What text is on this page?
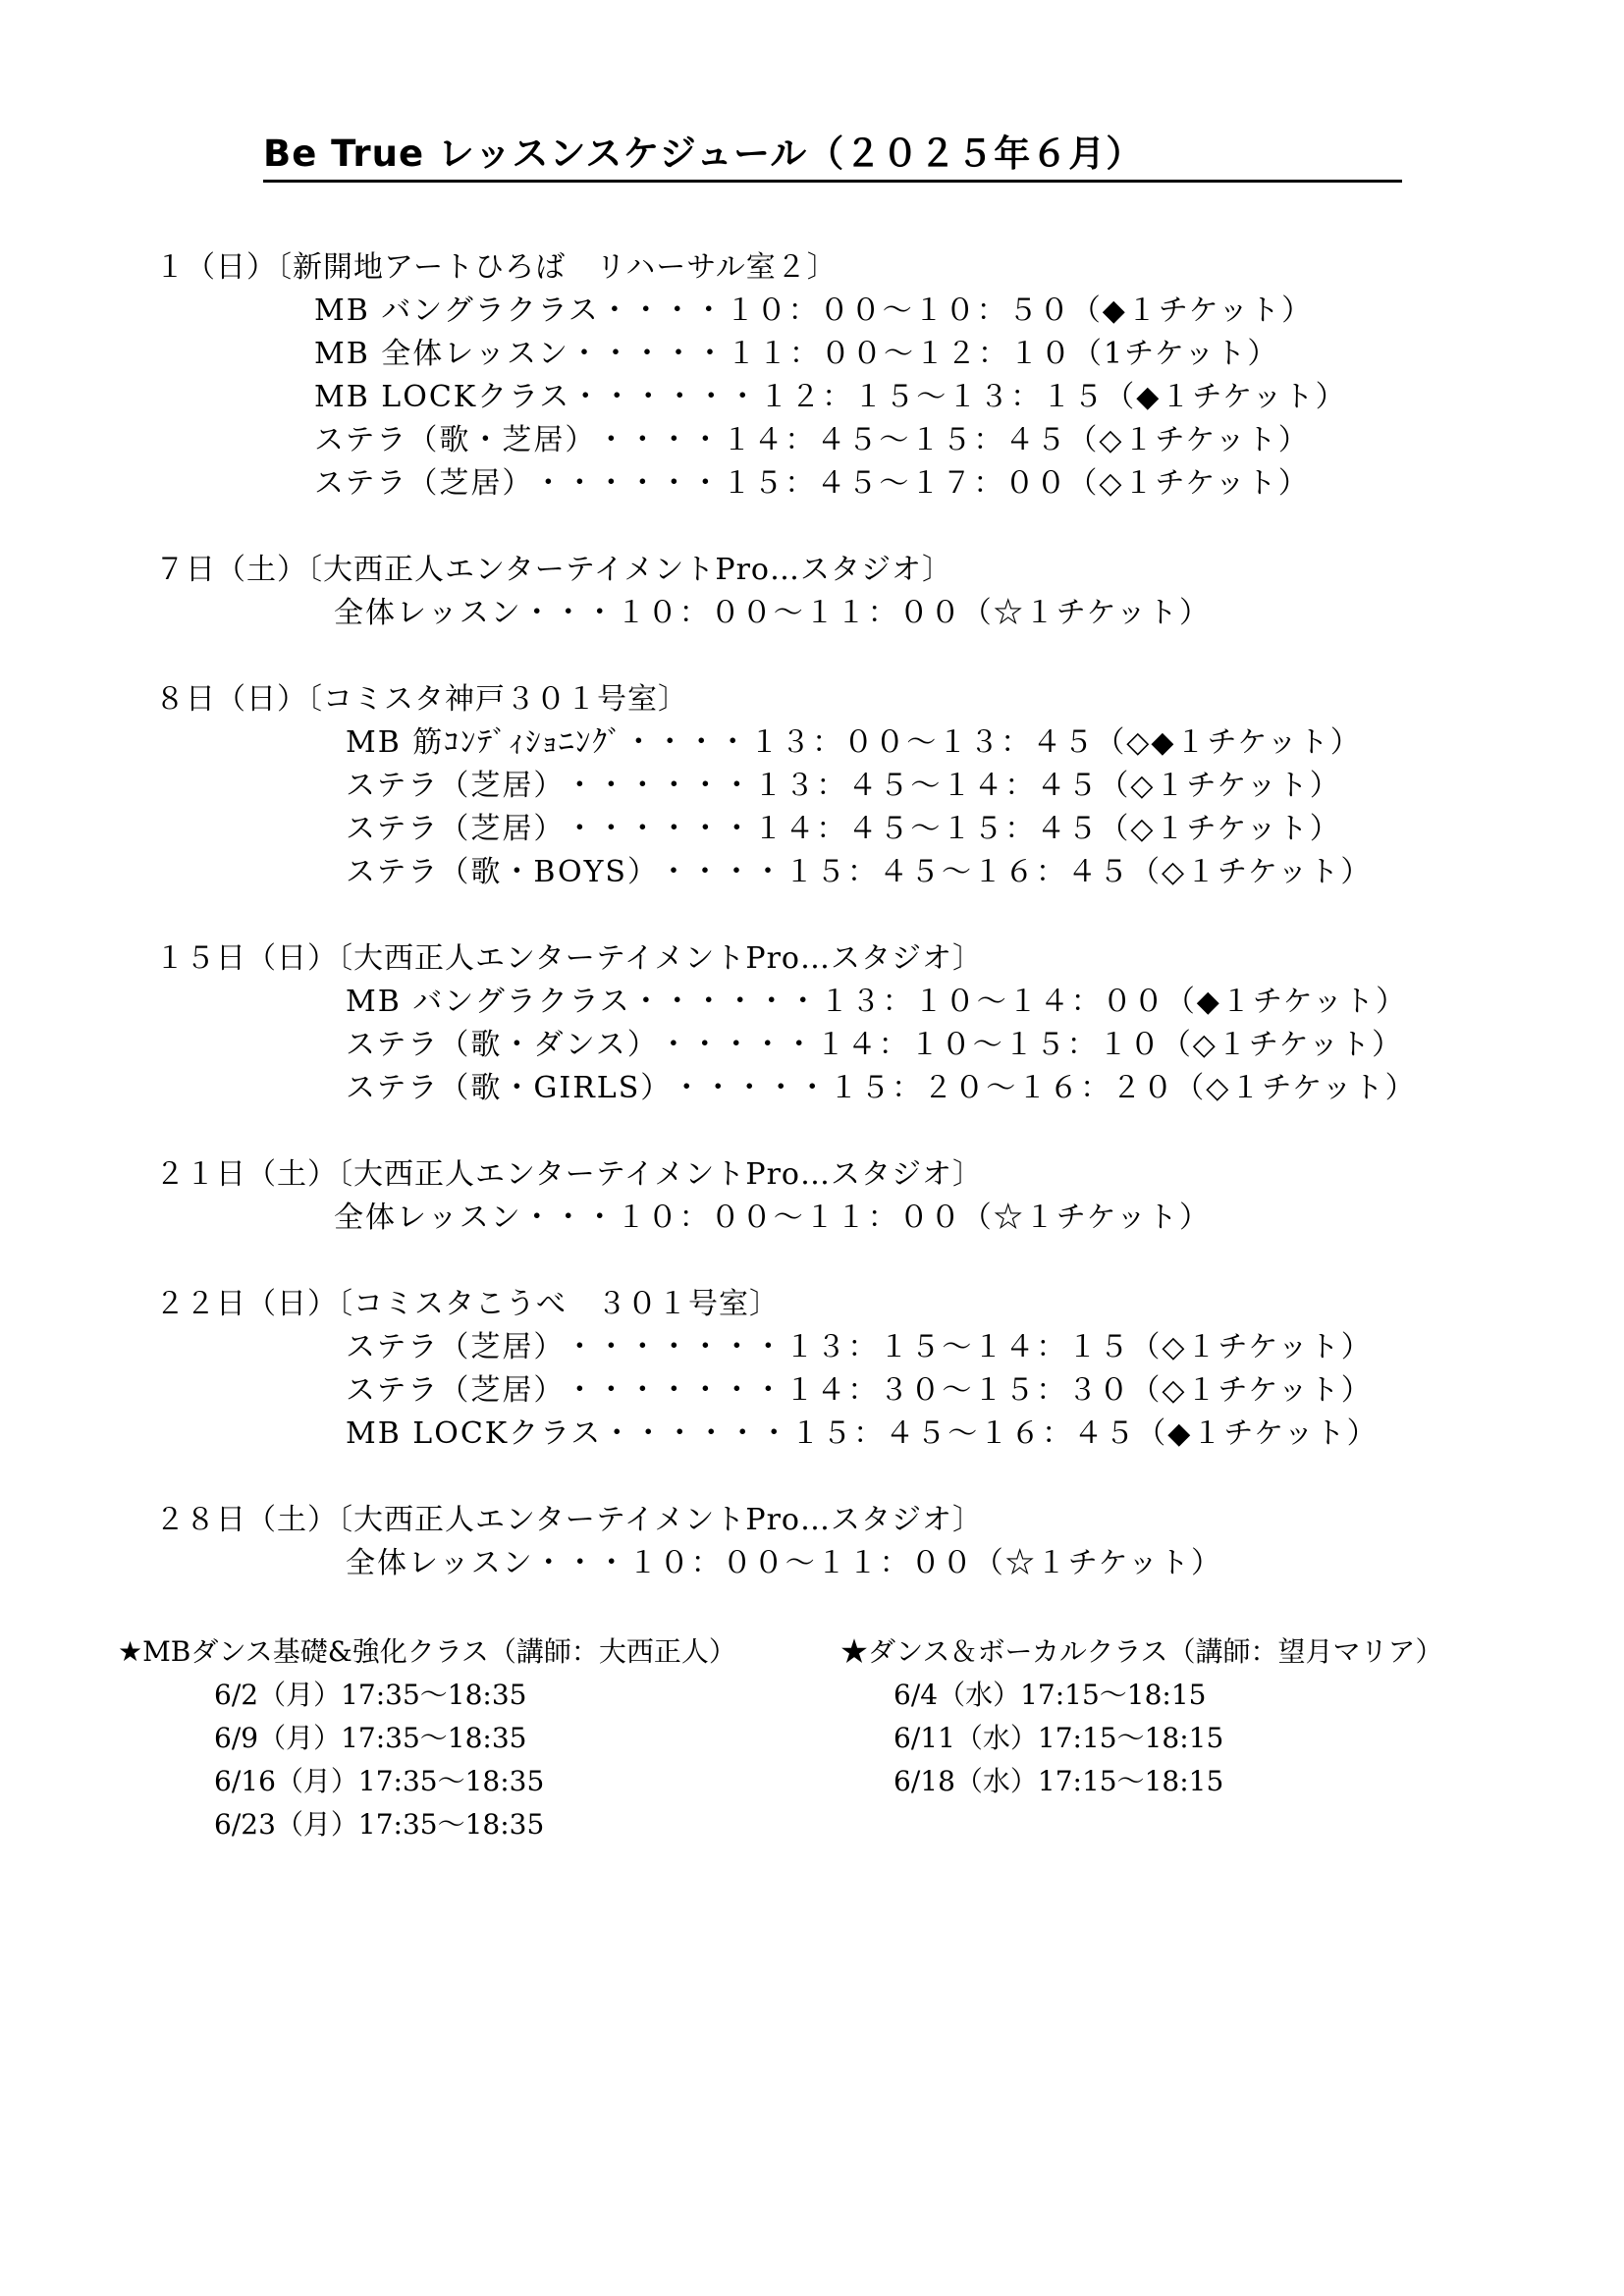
Be True レッスンスケジュール（２０２５年６月）
１（日）〔新開地アートひろば　リハーサル室２〕
MB バングラクラス・・・・１０：００～１０：５０（◆１チケット）
MB 全体レッスン・・・・・１１：００～１２：１０（1チケット）
MB LOCKクラス・・・・・・１２：１５～１３：１５（◆１チケット）
ステラ（歌・芝居）・・・・１４：４５～１５：４５（◇１チケット）
ステラ（芝居）・・・・・・１５：４５～１７：００（◇１チケット）
７日（土）〔大西正人エンターテイメントPro…スタジオ〕
全体レッスン・・・１０：００～１１：００（☆１チケット）
８日（日）〔コミスタ神戸３０１号室〕
MB 筋ｺﾝﾃﾞｨｼｮﾆﾝｸﾞ・・・・１３：００～１３：４５（◇◆１チケット）
ステラ（芝居）・・・・・・１３：４５～１４：４５（◇１チケット）
ステラ（芝居）・・・・・・１４：４５～１５：４５（◇１チケット）
ステラ（歌・BOYS）・・・・１５：４５～１６：４５（◇１チケット）
１５日（日）〔大西正人エンターテイメントPro…スタジオ〕
MB バングラクラス・・・・・・１３：１０～１４：００（◆１チケット）
ステラ（歌・ダンス）・・・・・１４：１０～１５：１０（◇１チケット）
ステラ（歌・GIRLS）・・・・・１５：２０～１６：２０（◇１チケット）
２１日（土）〔大西正人エンターテイメントPro…スタジオ〕
全体レッスン・・・１０：００～１１：００（☆１チケット）
２２日（日）〔コミスタこうべ　３０１号室〕
ステラ（芝居）・・・・・・・１３：１５～１４：１５（◇１チケット）
ステラ（芝居）・・・・・・・１４：３０～１５：３０（◇１チケット）
MB LOCKクラス・・・・・・１５：４５～１６：４５（◆１チケット）
２８日（土）〔大西正人エンターテイメントPro…スタジオ〕
全体レッスン・・・１０：００～１１：００（☆１チケット）
★MBダンス基礎&強化クラス（講師：大西正人）
6/2（月）17:35～18:35
6/9（月）17:35～18:35
6/16（月）17:35～18:35
6/23（月）17:35～18:35
★ダンス＆ボーカルクラス（講師：望月マリア）
6/4（水）17:15～18:15
6/11（水）17:15～18:15
6/18（水）17:15～18:15
